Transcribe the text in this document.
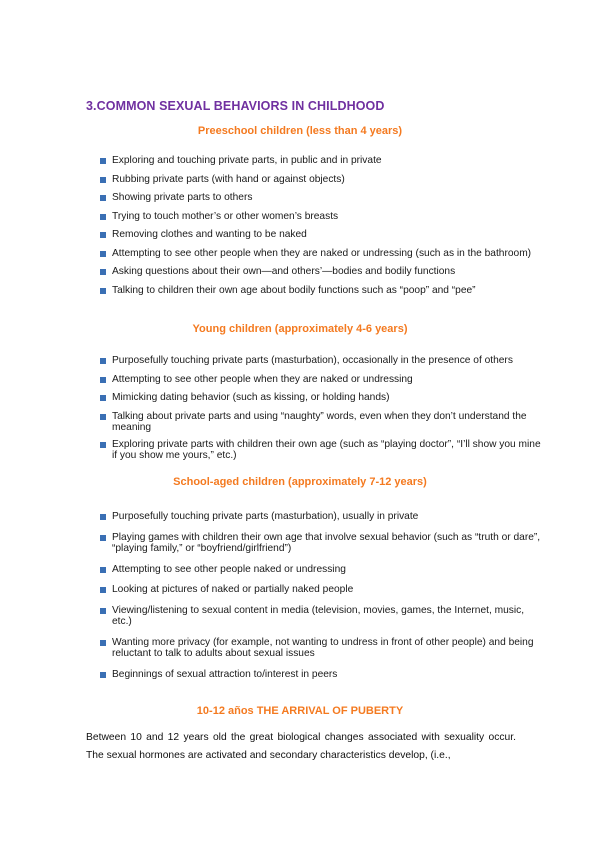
3.COMMON SEXUAL BEHAVIORS IN CHILDHOOD
Preeschool children (less than 4 years)
Exploring and touching private parts, in public and in private
Rubbing private parts (with hand or against objects)
Showing private parts to others
Trying to touch mother’s or other women’s breasts
Removing clothes and wanting to be naked
Attempting to see other people when they are naked or undressing (such as in the bathroom)
Asking questions about their own—and others’—bodies and bodily functions
Talking to children their own age about bodily functions such as “poop” and “pee”
Young children (approximately 4-6 years)
Purposefully touching private parts (masturbation), occasionally in the presence of others
Attempting to see other people when they are naked or undressing
Mimicking dating behavior (such as kissing, or holding hands)
Talking about private parts and using “naughty” words, even when they don’t understand the meaning
Exploring private parts with children their own age (such as “playing doctor”, “I’ll show you mine if you show me yours,” etc.)
School-aged children (approximately 7-12 years)
Purposefully touching private parts (masturbation), usually in private
Playing games with children their own age that involve sexual behavior (such as “truth or dare”, “playing family,” or “boyfriend/girlfriend”)
Attempting to see other people naked or undressing
Looking at pictures of naked or partially naked people
Viewing/listening to sexual content in media (television, movies, games, the Internet, music, etc.)
Wanting more privacy (for example, not wanting to undress in front of other people) and being reluctant to talk to adults about sexual issues
Beginnings of sexual attraction to/interest in peers
10-12 años THE ARRIVAL OF PUBERTY
Between 10 and 12 years old the great biological changes associated with sexuality occur. The sexual hormones are activated and secondary characteristics develop, (i.e.,
